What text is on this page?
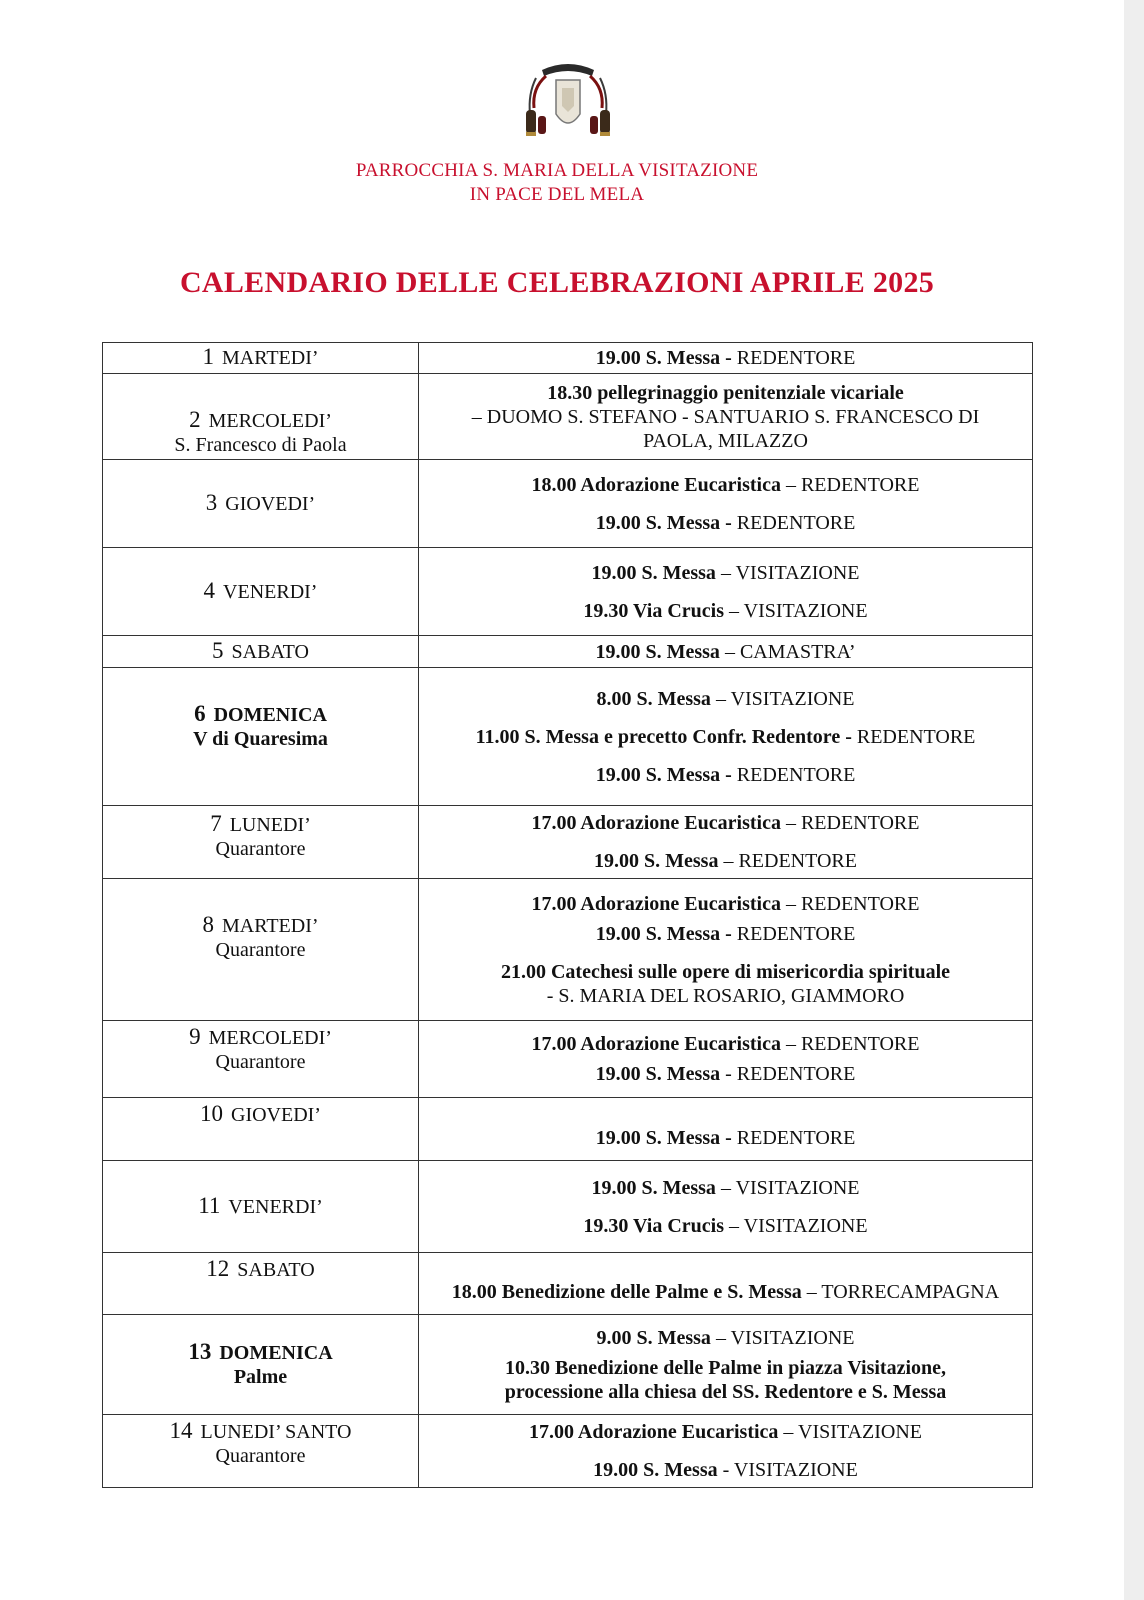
PARROCCHIA S. MARIA DELLA VISITAZIONE
IN PACE DEL MELA
CALENDARIO DELLE CELEBRAZIONI APRILE 2025
1 MARTEDI’	19.00 S. Messa - REDENTORE

2 MERCOLEDI’
S. Francesco di Paola	18.30 pellegrinaggio penitenziale vicariale
– DUOMO S. STEFANO - SANTUARIO S. FRANCESCO DI PAOLA, MILAZZO

3 GIOVEDI’	18.00 Adorazione Eucaristica – REDENTORE
19.00 S. Messa - REDENTORE

4 VENERDI’	19.00 S. Messa – VISITAZIONE
19.30 Via Crucis – VISITAZIONE

5 SABATO	19.00 S. Messa – CAMASTRA’

6 DOMENICA
V di Quaresima	8.00 S. Messa – VISITAZIONE
11.00 S. Messa e precetto Confr. Redentore - REDENTORE
19.00 S. Messa - REDENTORE

7 LUNEDI’
Quarantore	17.00 Adorazione Eucaristica – REDENTORE
19.00 S. Messa – REDENTORE

8 MARTEDI’
Quarantore	17.00 Adorazione Eucaristica – REDENTORE
19.00 S. Messa - REDENTORE
21.00 Catechesi sulle opere di misericordia spirituale
- S. MARIA DEL ROSARIO, GIAMMORO

9 MERCOLEDI’
Quarantore	17.00 Adorazione Eucaristica – REDENTORE
19.00 S. Messa - REDENTORE

10 GIOVEDI’	19.00 S. Messa - REDENTORE

11 VENERDI’	19.00 S. Messa – VISITAZIONE
19.30 Via Crucis – VISITAZIONE

12 SABATO	18.00 Benedizione delle Palme e S. Messa – TORRECAMPAGNA

13 DOMENICA
Palme	9.00 S. Messa – VISITAZIONE
10.30 Benedizione delle Palme in piazza Visitazione,
processione alla chiesa del SS. Redentore e S. Messa

14 LUNEDI’ SANTO
Quarantore	17.00 Adorazione Eucaristica – VISITAZIONE
19.00 S. Messa - VISITAZIONE
